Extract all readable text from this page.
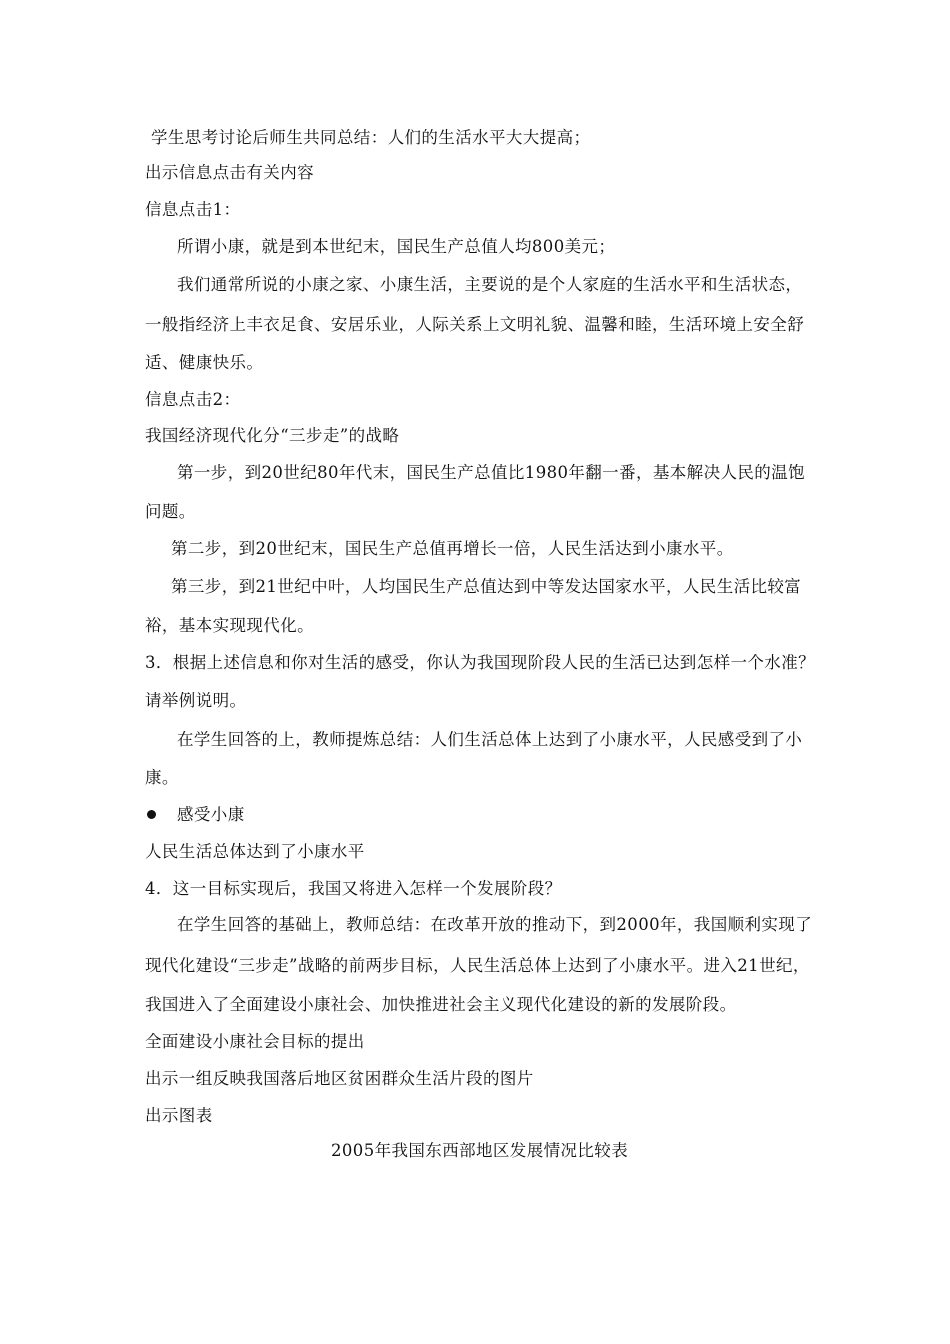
学生思考讨论后师生共同总结：人们的生活水平大大提高；
出示信息点击有关内容
信息点击1：
所谓小康，就是到本世纪末，国民生产总值人均800美元；
我们通常所说的小康之家、小康生活，主要说的是个人家庭的生活水平和生活状态，
一般指经济上丰衣足食、安居乐业，人际关系上文明礼貌、温馨和睦，生活环境上安全舒
适、健康快乐。
信息点击2：
我国经济现代化分“三步走”的战略
第一步，到20世纪80年代末，国民生产总值比1980年翻一番，基本解决人民的温饱
问题。
第二步，到20世纪末，国民生产总值再增长一倍，人民生活达到小康水平。
第三步，到21世纪中叶，人均国民生产总值达到中等发达国家水平，人民生活比较富
裕，基本实现现代化。
3．根据上述信息和你对生活的感受，你认为我国现阶段人民的生活已达到怎样一个水准？
请举例说明。
在学生回答的上，教师提炼总结：人们生活总体上达到了小康水平，人民感受到了小
康。
感受小康
人民生活总体达到了小康水平
4．这一目标实现后，我国又将进入怎样一个发展阶段？
在学生回答的基础上，教师总结：在改革开放的推动下，到2000年，我国顺利实现了
现代化建设“三步走”战略的前两步目标，人民生活总体上达到了小康水平。进入21世纪，
我国进入了全面建设小康社会、加快推进社会主义现代化建设的新的发展阶段。
全面建设小康社会目标的提出
出示一组反映我国落后地区贫困群众生活片段的图片
出示图表
2005年我国东西部地区发展情况比较表
